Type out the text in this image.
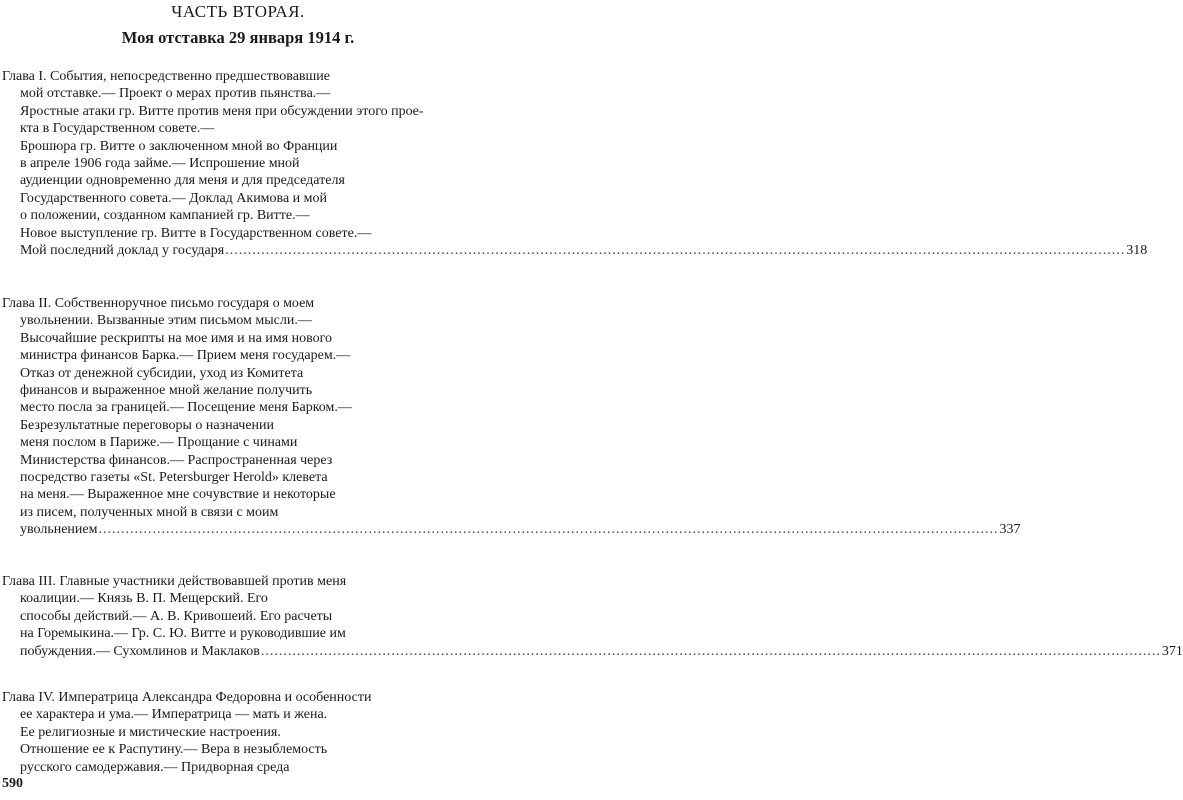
ЧАСТЬ ВТОРАЯ.
Моя отставка 29 января 1914 г.
Глава I. События, непосредственно предшествовавшие
мой отставке.— Проект о мерах против пьянства.—
Яростные атаки гр. Витте против меня при обсуждении этого проe-
кта в Государственном совете.—
Брошюра гр. Витте о заключенном мной во Франции
в апреле 1906 года займе.— Испрошение мной
аудиенции одновременно для меня и для председателя
Государственного совета.— Доклад Акимова и мой
о положении, созданном кампанией гр. Витте.—
Новое выступление гр. Витте в Государственном совете.—
Мой последний доклад у государя ........................................................................................................................................................................................................ 318
Глава II. Собственноручное письмо государя о моем
увольнении. Вызванные этим письмом мысли.—
Высочайшие рескрипты на мое имя и на имя нового
министра финансов Барка.— Прием меня государем.—
Отказ от денежной субсидии, уход из Комитета
финансов и выраженное мной желание получить
место посла за границей.— Посещение меня Барком.—
Безрезультатные переговоры о назначении
меня послом в Париже.— Прощание с чинами
Министерства финансов.— Распространенная через
посредство газеты «St. Petersburger Herold» клевета
на меня.— Выраженное мне сочувствие и некоторые
из писем, полученных мной в связи с моим
увольнением ........................................................................................................................................................................................................ 337
Глава III. Главные участники действовавшей против меня
коалиции.— Князь В. П. Мещерский. Его
способы действий.— А. В. Кривошеий. Его расчеты
на Горемыкина.— Гр. С. Ю. Витте и руководившие им
побуждения.— Сухомлинов и Маклаков ........................................................................................................................................................................................................ 371
Глава IV. Императрица Александра Федоровна и особенности
ее характера и ума.— Императрица — мать и жена.
Ее религиозные и мистические настроения.
Отношение ее к Распутину.— Вера в незыблемость
русского самодержавия.— Придворная среда
590
